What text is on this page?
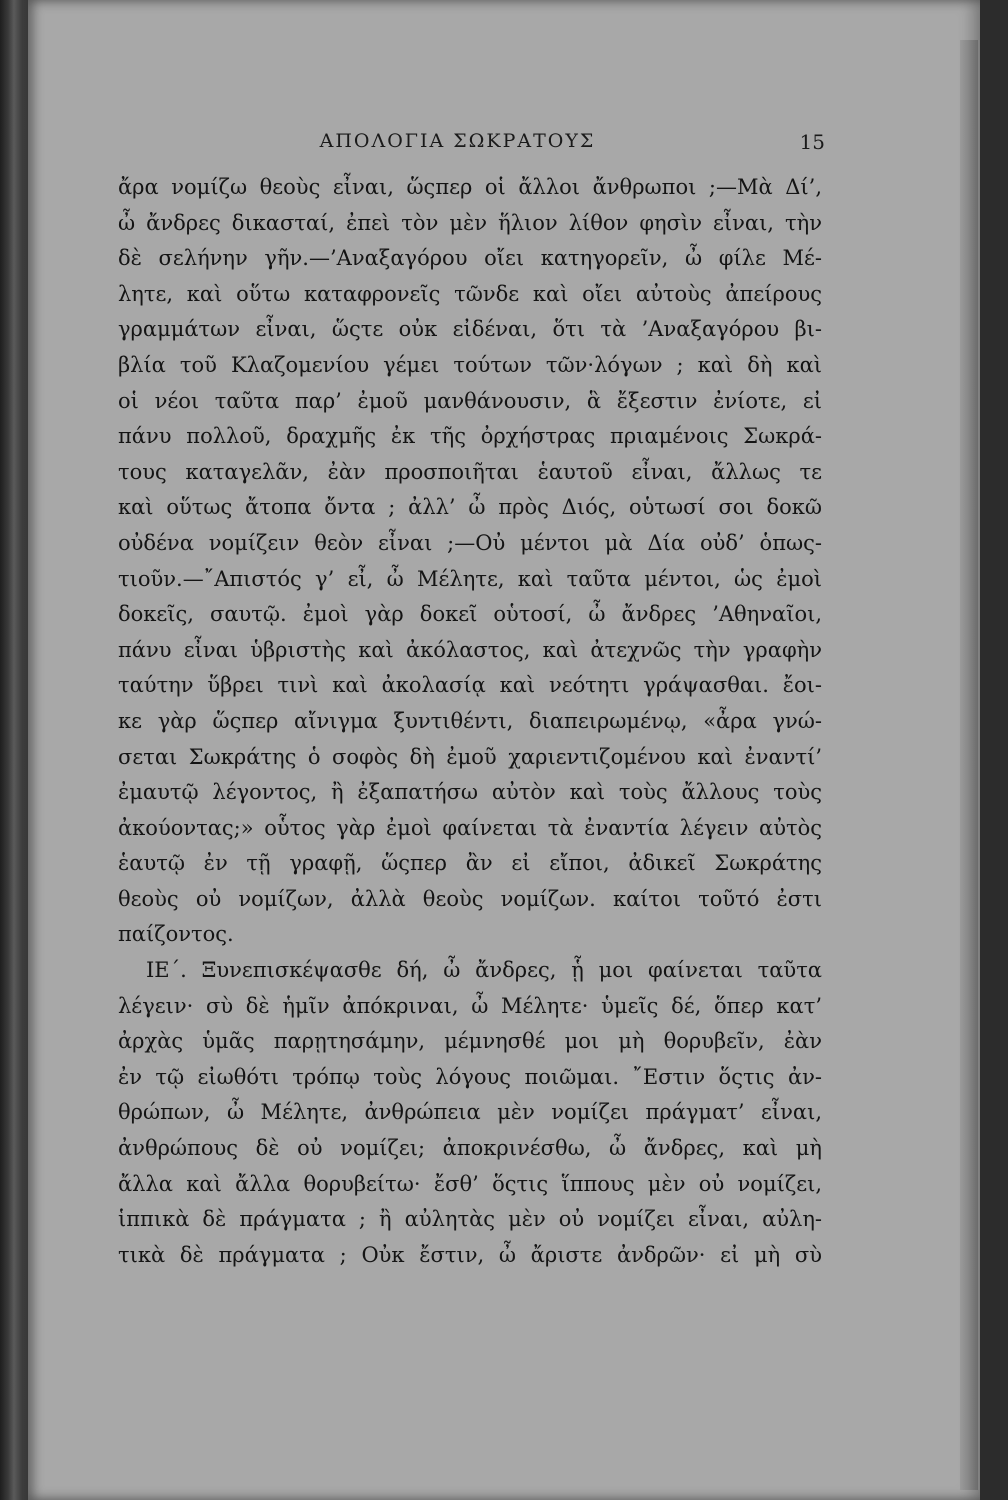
ΑΠΟΛΟΓΙΑ ΣΩΚΡΑΤΟΥΣ	15
ἄρα νομίζω θεοὺς εἶναι, ὥςπερ οἱ ἄλλοι ἄνθρωποι ;—Μὰ Δί’,
ὦ ἄνδρες δικασταί, ἐπεὶ τὸν μὲν ἥλιον λίθον φησὶν εἶναι, τὴν
δὲ σελήνην γῆν.—’Αναξαγόρου οἴει κατηγορεῖν, ὦ φίλε Μέ-
λητε, καὶ οὕτω καταφρονεῖς τῶνδε καὶ οἴει αὐτοὺς ἀπείρους
γραμμάτων εἶναι, ὥςτε οὐκ εἰδέναι, ὅτι τὰ ’Αναξαγόρου βι-
βλία τοῦ Κλαζομενίου γέμει τούτων τῶν·λόγων ; καὶ δὴ καὶ
οἱ νέοι ταῦτα παρ’ ἐμοῦ μανθάνουσιν, ἃ ἔξεστιν ἐνίοτε, εἰ
πάνυ πολλοῦ, δραχμῆς ἐκ τῆς ὀρχήστρας πριαμένοις Σωκρά-
τους καταγελᾶν, ἐὰν προσποιῆται ἑαυτοῦ εἶναι, ἄλλως τε
καὶ οὕτως ἄτοπα ὄντα ; ἀλλ’ ὦ πρὸς Διός, οὑτωσί σοι δοκῶ
οὐδένα νομίζειν θεὸν εἶναι ;—Οὐ μέντοι μὰ Δία οὐδ’ ὁπως-
τιοῦν.—῎Απιστός γ’ εἶ, ὦ Μέλητε, καὶ ταῦτα μέντοι, ὡς ἐμοὶ
δοκεῖς, σαυτῷ. ἐμοὶ γὰρ δοκεῖ οὑτοσί, ὦ ἄνδρες ’Αθηναῖοι,
πάνυ εἶναι ὑβριστὴς καὶ ἀκόλαστος, καὶ ἀτεχνῶς τὴν γραφὴν
ταύτην ὕβρει τινὶ καὶ ἀκολασίᾳ καὶ νεότητι γράψασθαι. ἔοι-
κε γὰρ ὥςπερ αἴνιγμα ξυντιθέντι, διαπειρωμένῳ, «ἆρα γνώ-
σεται Σωκράτης ὁ σοφὸς δὴ ἐμοῦ χαριεντιζομένου καὶ ἐναντί’
ἐμαυτῷ λέγοντος, ἢ ἐξαπατήσω αὐτὸν καὶ τοὺς ἄλλους τοὺς
ἀκούοντας;» οὗτος γὰρ ἐμοὶ φαίνεται τὰ ἐναντία λέγειν αὐτὸς
ἑαυτῷ ἐν τῇ γραφῇ, ὥςπερ ἂν εἰ εἴποι, ἀδικεῖ Σωκράτης
θεοὺς οὐ νομίζων, ἀλλὰ θεοὺς νομίζων. καίτοι τοῦτό ἐστι
παίζοντος.
ΙΕ΄. Ξυνεπισκέψασθε δή, ὦ ἄνδρες, ᾗ μοι φαίνεται ταῦτα
λέγειν· σὺ δὲ ἡμῖν ἀπόκριναι, ὦ Μέλητε· ὑμεῖς δέ, ὅπερ κατ’
ἀρχὰς ὑμᾶς παρῃτησάμην, μέμνησθέ μοι μὴ θορυβεῖν, ἐὰν
ἐν τῷ εἰωθότι τρόπῳ τοὺς λόγους ποιῶμαι. ῎Εστιν ὅςτις ἀν-
θρώπων, ὦ Μέλητε, ἀνθρώπεια μὲν νομίζει πράγματ’ εἶναι,
ἀνθρώπους δὲ οὐ νομίζει; ἀποκρινέσθω, ὦ ἄνδρες, καὶ μὴ
ἄλλα καὶ ἄλλα θορυβείτω· ἔσθ’ ὅςτις ἵππους μὲν οὐ νομίζει,
ἱππικὰ δὲ πράγματα ; ἢ αὐλητὰς μὲν οὐ νομίζει εἶναι, αὐλη-
τικὰ δὲ πράγματα ; Οὐκ ἔστιν, ὦ ἄριστε ἀνδρῶν· εἰ μὴ σὺ
